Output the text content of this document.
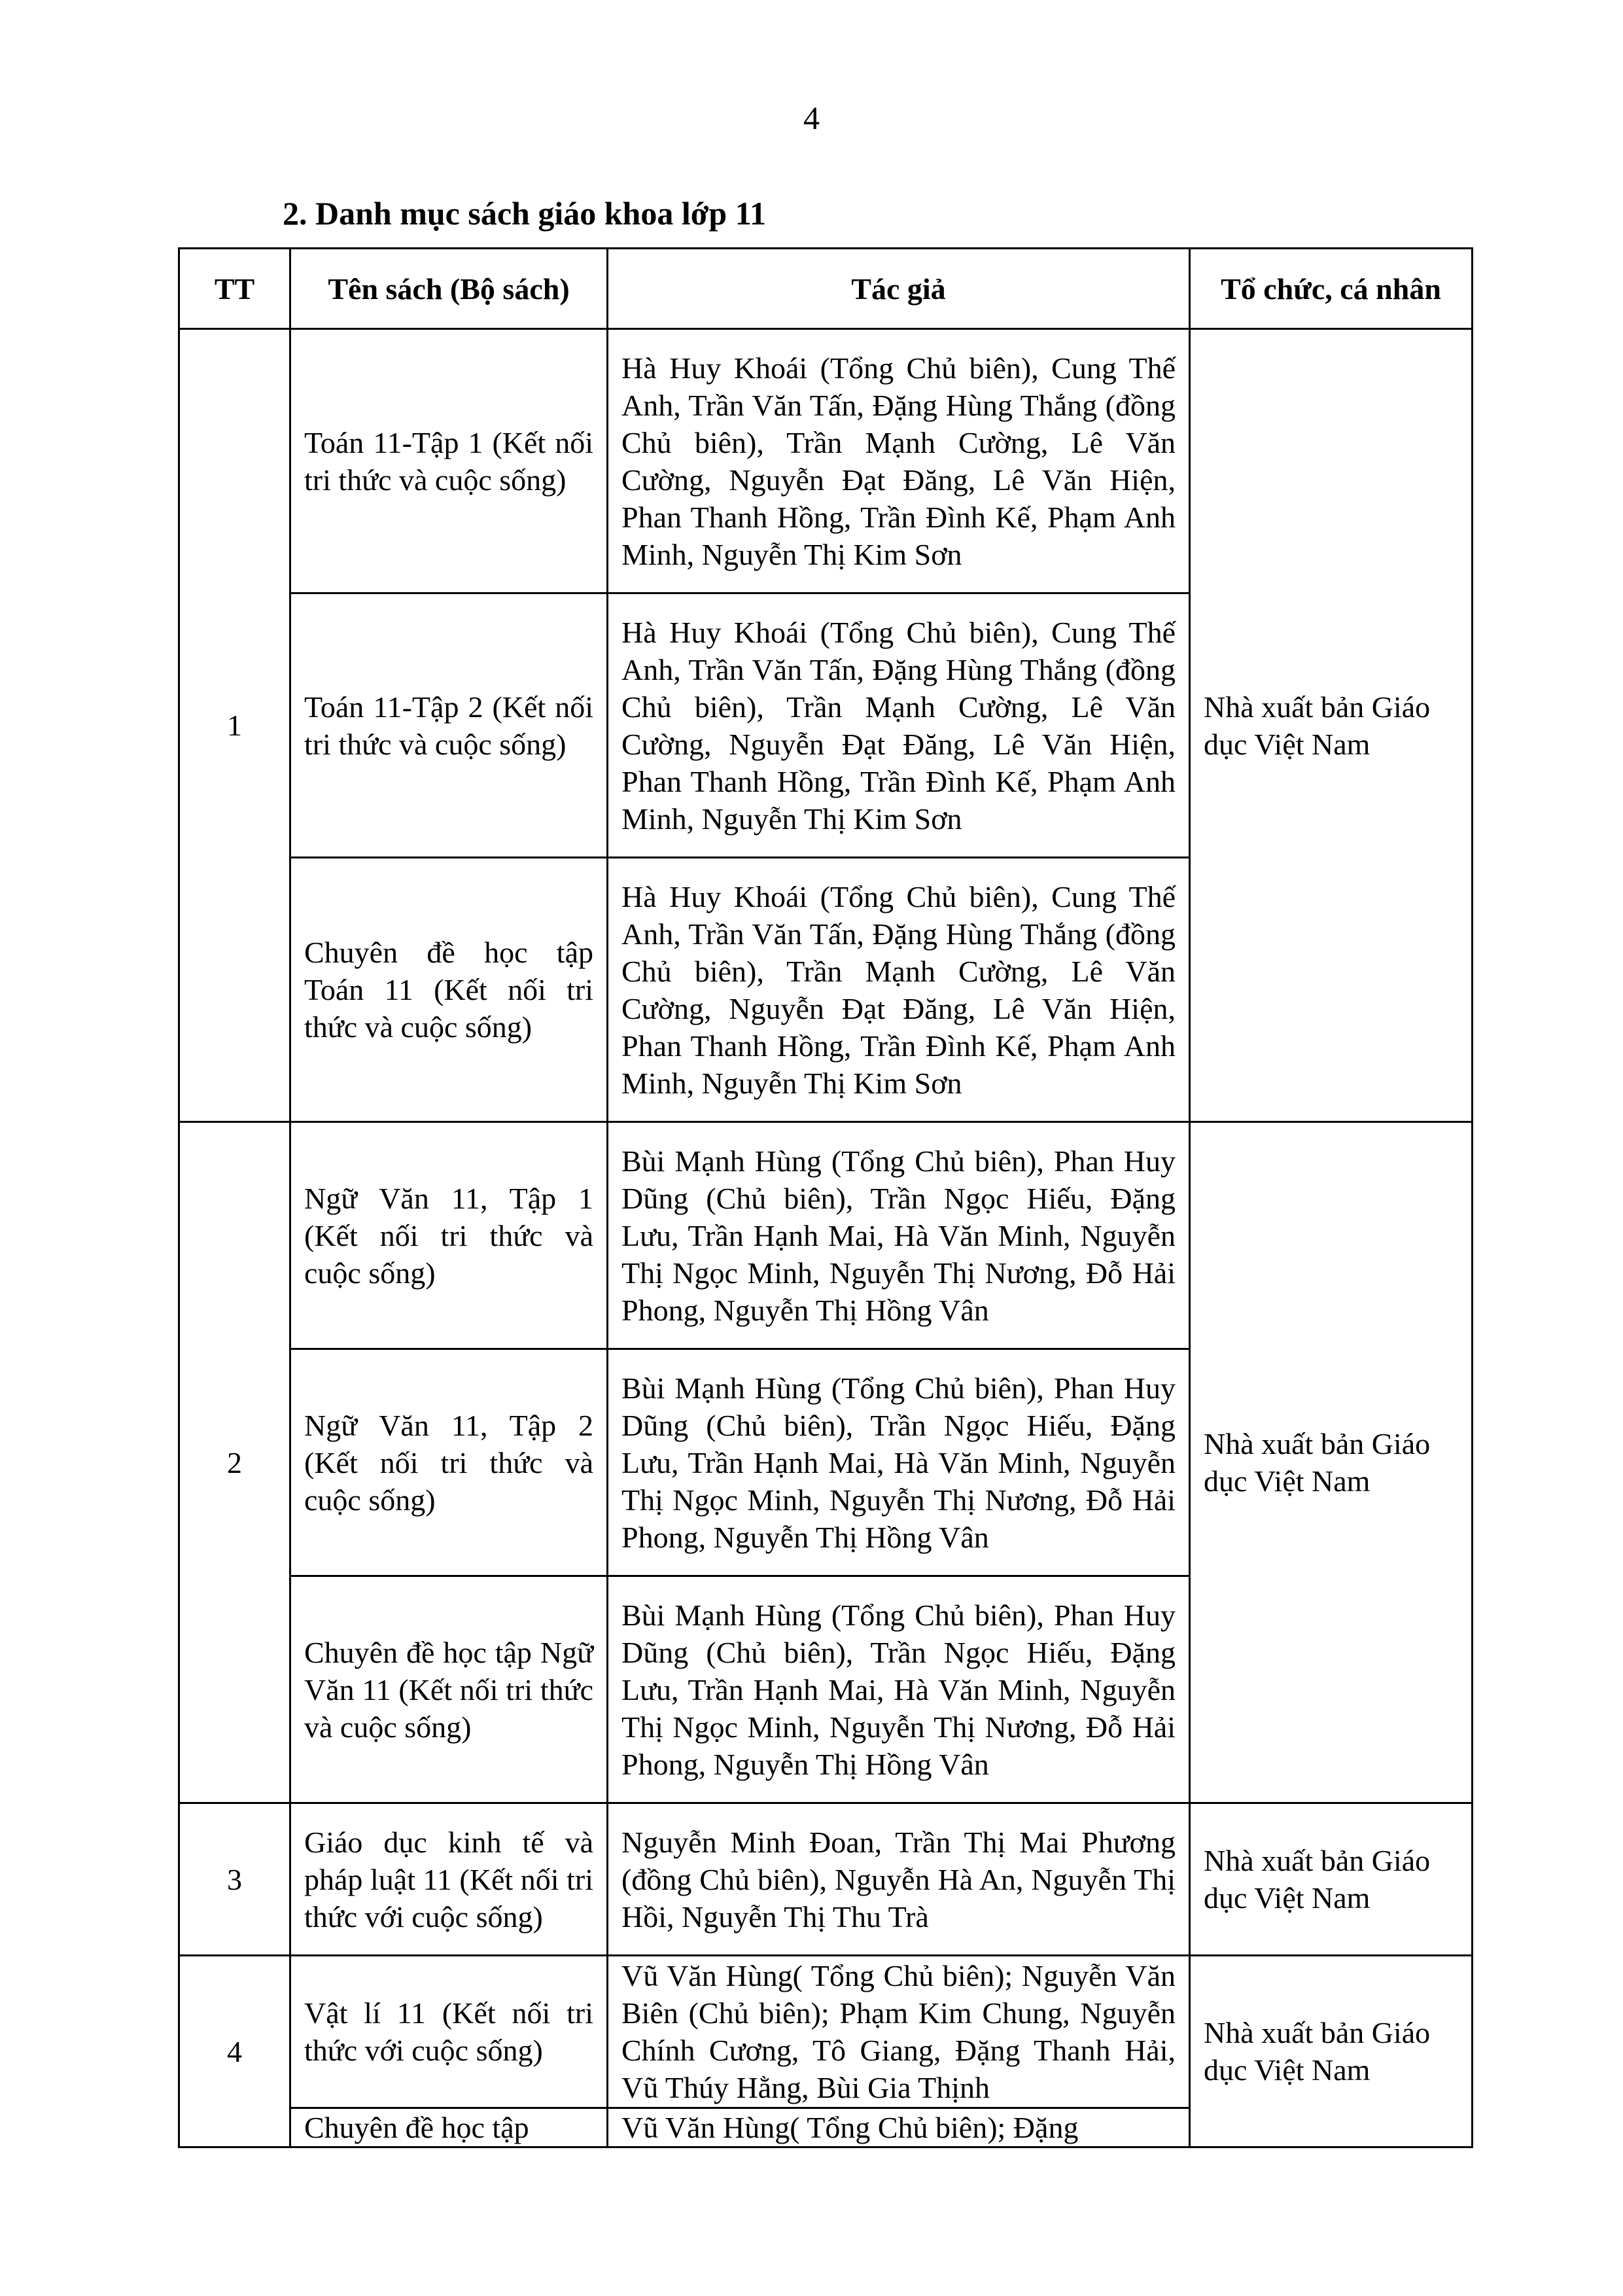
4
2. Danh mục sách giáo khoa lớp 11
TT	Tên sách (Bộ sách)	Tác giả	Tổ chức, cá nhân
1	Toán 11-Tập 1 (Kết nối tri thức và cuộc sống)	Hà Huy Khoái (Tổng Chủ biên), Cung Thế Anh, Trần Văn Tấn, Đặng Hùng Thắng (đồng Chủ biên), Trần Mạnh Cường, Lê Văn Cường, Nguyễn Đạt Đăng, Lê Văn Hiện, Phan Thanh Hồng, Trần Đình Kế, Phạm Anh Minh, Nguyễn Thị Kim Sơn	Nhà xuất bản Giáo dục Việt Nam
	Toán 11-Tập 2 (Kết nối tri thức và cuộc sống)	Hà Huy Khoái (Tổng Chủ biên), Cung Thế Anh, Trần Văn Tấn, Đặng Hùng Thắng (đồng Chủ biên), Trần Mạnh Cường, Lê Văn Cường, Nguyễn Đạt Đăng, Lê Văn Hiện, Phan Thanh Hồng, Trần Đình Kế, Phạm Anh Minh, Nguyễn Thị Kim Sơn	
	Chuyên đề học tập Toán 11 (Kết nối tri thức và cuộc sống)	Hà Huy Khoái (Tổng Chủ biên), Cung Thế Anh, Trần Văn Tấn, Đặng Hùng Thắng (đồng Chủ biên), Trần Mạnh Cường, Lê Văn Cường, Nguyễn Đạt Đăng, Lê Văn Hiện, Phan Thanh Hồng, Trần Đình Kế, Phạm Anh Minh, Nguyễn Thị Kim Sơn	
2	Ngữ Văn 11, Tập 1 (Kết nối tri thức và cuộc sống)	Bùi Mạnh Hùng (Tổng Chủ biên), Phan Huy Dũng (Chủ biên), Trần Ngọc Hiếu, Đặng Lưu, Trần Hạnh Mai, Hà Văn Minh, Nguyễn Thị Ngọc Minh, Nguyễn Thị Nương, Đỗ Hải Phong, Nguyễn Thị Hồng Vân	Nhà xuất bản Giáo dục Việt Nam
	Ngữ Văn 11, Tập 2 (Kết nối tri thức và cuộc sống)	Bùi Mạnh Hùng (Tổng Chủ biên), Phan Huy Dũng (Chủ biên), Trần Ngọc Hiếu, Đặng Lưu, Trần Hạnh Mai, Hà Văn Minh, Nguyễn Thị Ngọc Minh, Nguyễn Thị Nương, Đỗ Hải Phong, Nguyễn Thị Hồng Vân	
	Chuyên đề học tập Ngữ Văn 11 (Kết nối tri thức và cuộc sống)	Bùi Mạnh Hùng (Tổng Chủ biên), Phan Huy Dũng (Chủ biên), Trần Ngọc Hiếu, Đặng Lưu, Trần Hạnh Mai, Hà Văn Minh, Nguyễn Thị Ngọc Minh, Nguyễn Thị Nương, Đỗ Hải Phong, Nguyễn Thị Hồng Vân	
3	Giáo dục kinh tế và pháp luật 11 (Kết nối tri thức với cuộc sống)	Nguyễn Minh Đoan, Trần Thị Mai Phương (đồng Chủ biên), Nguyễn Hà An, Nguyễn Thị Hồi, Nguyễn Thị Thu Trà	Nhà xuất bản Giáo dục Việt Nam
4	Vật lí 11 (Kết nối tri thức với cuộc sống)	Vũ Văn Hùng( Tổng Chủ biên); Nguyễn Văn Biên (Chủ biên); Phạm Kim Chung, Nguyễn Chính Cương, Tô Giang, Đặng Thanh Hải, Vũ Thúy Hằng, Bùi Gia Thịnh	Nhà xuất bản Giáo dục Việt Nam
	Chuyên đề học tập	Vũ Văn Hùng( Tổng Chủ biên); Đặng	
